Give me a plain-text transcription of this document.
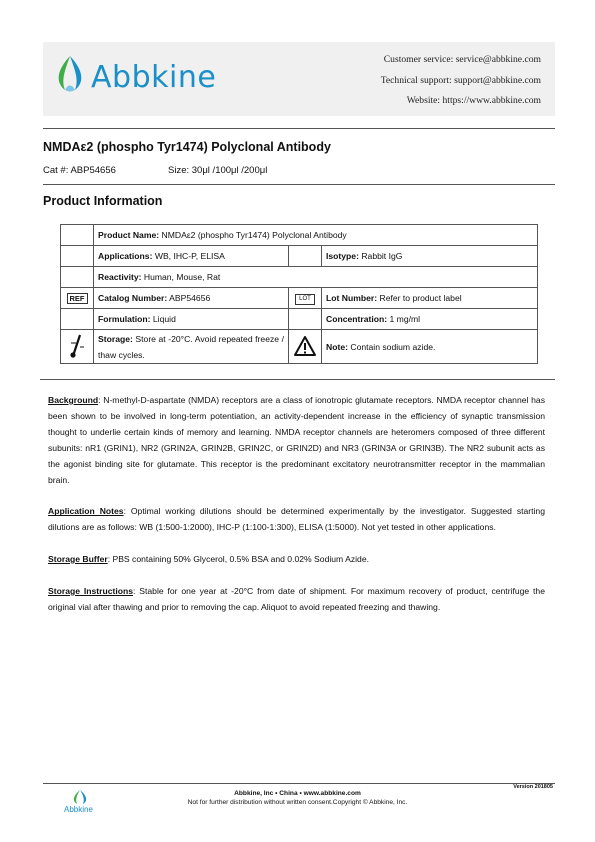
Abbkine
Customer service: service@abbkine.com
Technical support: support@abbkine.com
Website: https://www.abbkine.com
NMDAε2 (phospho Tyr1474) Polyclonal Antibody
Cat #: ABP54656	Size: 30μl /100μl /200μl
Product Information
	Product Name: NMDAε2 (phospho Tyr1474) Polyclonal Antibody		
	Applications: WB, IHC-P, ELISA		Isotype: Rabbit IgG
	Reactivity: Human, Mouse, Rat		
REF	Catalog Number: ABP54656	LOT	Lot Number: Refer to product label
	Formulation: Liquid		Concentration: 1 mg/ml
	Storage: Store at -20°C. Avoid repeated freeze / thaw cycles.		Note: Contain sodium azide.

Background: N-methyl-D-aspartate (NMDA) receptors are a class of ionotropic glutamate receptors. NMDA receptor channel has been shown to be involved in long-term potentiation, an activity-dependent increase in the efficiency of synaptic transmission thought to underlie certain kinds of memory and learning. NMDA receptor channels are heteromers composed of three different subunits: nR1 (GRIN1), NR2 (GRIN2A, GRIN2B, GRIN2C, or GRIN2D) and NR3 (GRIN3A or GRIN3B). The NR2 subunit acts as the agonist binding site for glutamate. This receptor is the predominant excitatory neurotransmitter receptor in the mammalian brain.

Application Notes: Optimal working dilutions should be determined experimentally by the investigator. Suggested starting dilutions are as follows: WB (1:500-1:2000), IHC-P (1:100-1:300), ELISA (1:5000). Not yet tested in other applications.

Storage Buffer: PBS containing 50% Glycerol, 0.5% BSA and 0.02% Sodium Azide.

Storage Instructions: Stable for one year at -20°C from date of shipment. For maximum recovery of product, centrifuge the original vial after thawing and prior to removing the cap. Aliquot to avoid repeated freezing and thawing.

Version 201805
Abbkine
Abbkine, Inc • China • www.abbkine.com
Not for further distribution without written consent.Copyright © Abbkine, Inc.
